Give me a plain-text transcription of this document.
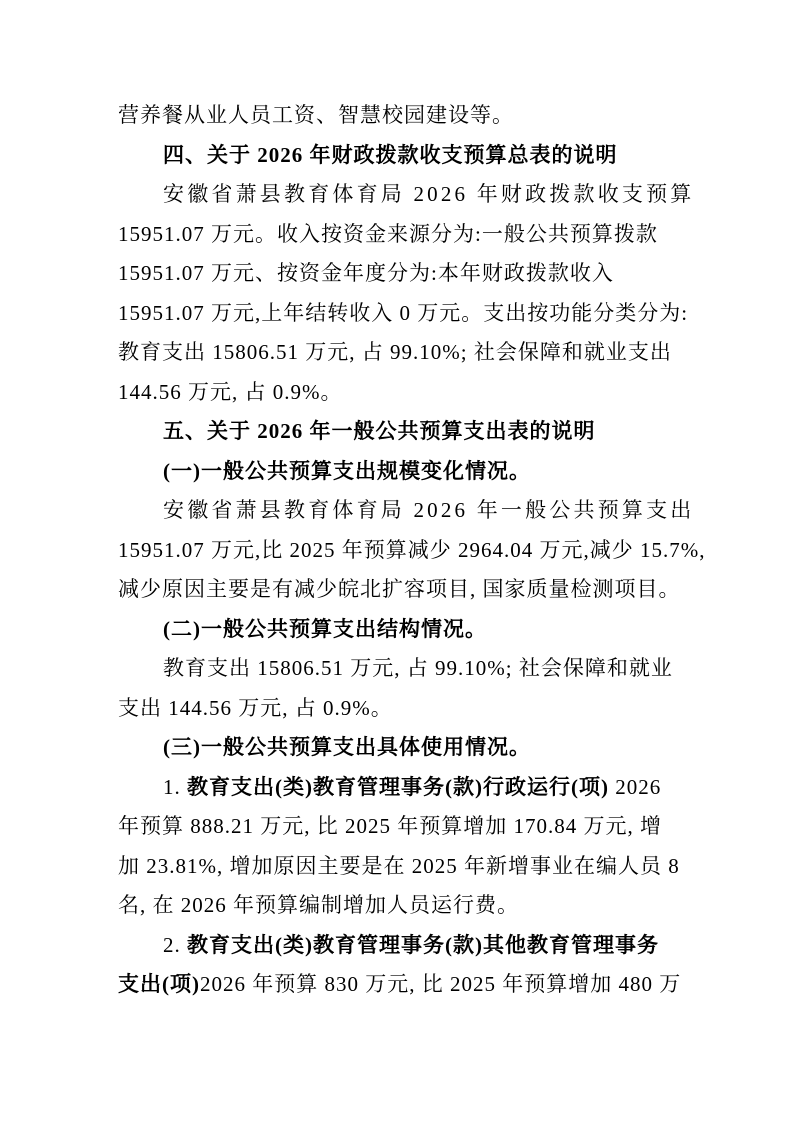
营养餐从业人员工资、智慧校园建设等。
四、关于 2026 年财政拨款收支预算总表的说明
安徽省萧县教育体育局 2026 年财政拨款收支预算
15951.07 万元。收入按资金来源分为:一般公共预算拨款
15951.07 万元、按资金年度分为:本年财政拨款收入
15951.07 万元,上年结转收入 0 万元。支出按功能分类分为:
教育支出 15806.51 万元, 占 99.10%; 社会保障和就业支出
144.56 万元, 占 0.9%。
五、关于 2026 年一般公共预算支出表的说明
(一)一般公共预算支出规模变化情况。
安徽省萧县教育体育局 2026 年一般公共预算支出
15951.07 万元,比 2025 年预算减少 2964.04 万元,减少 15.7%,
减少原因主要是有减少皖北扩容项目, 国家质量检测项目。
(二)一般公共预算支出结构情况。
教育支出 15806.51 万元, 占 99.10%; 社会保障和就业
支出 144.56 万元, 占 0.9%。
(三)一般公共预算支出具体使用情况。
1. 教育支出(类)教育管理事务(款)行政运行(项) 2026
年预算 888.21 万元, 比 2025 年预算增加 170.84 万元, 增
加 23.81%, 增加原因主要是在 2025 年新增事业在编人员 8
名, 在 2026 年预算编制增加人员运行费。
2. 教育支出(类)教育管理事务(款)其他教育管理事务
支出(项)2026 年预算 830 万元, 比 2025 年预算增加 480 万
